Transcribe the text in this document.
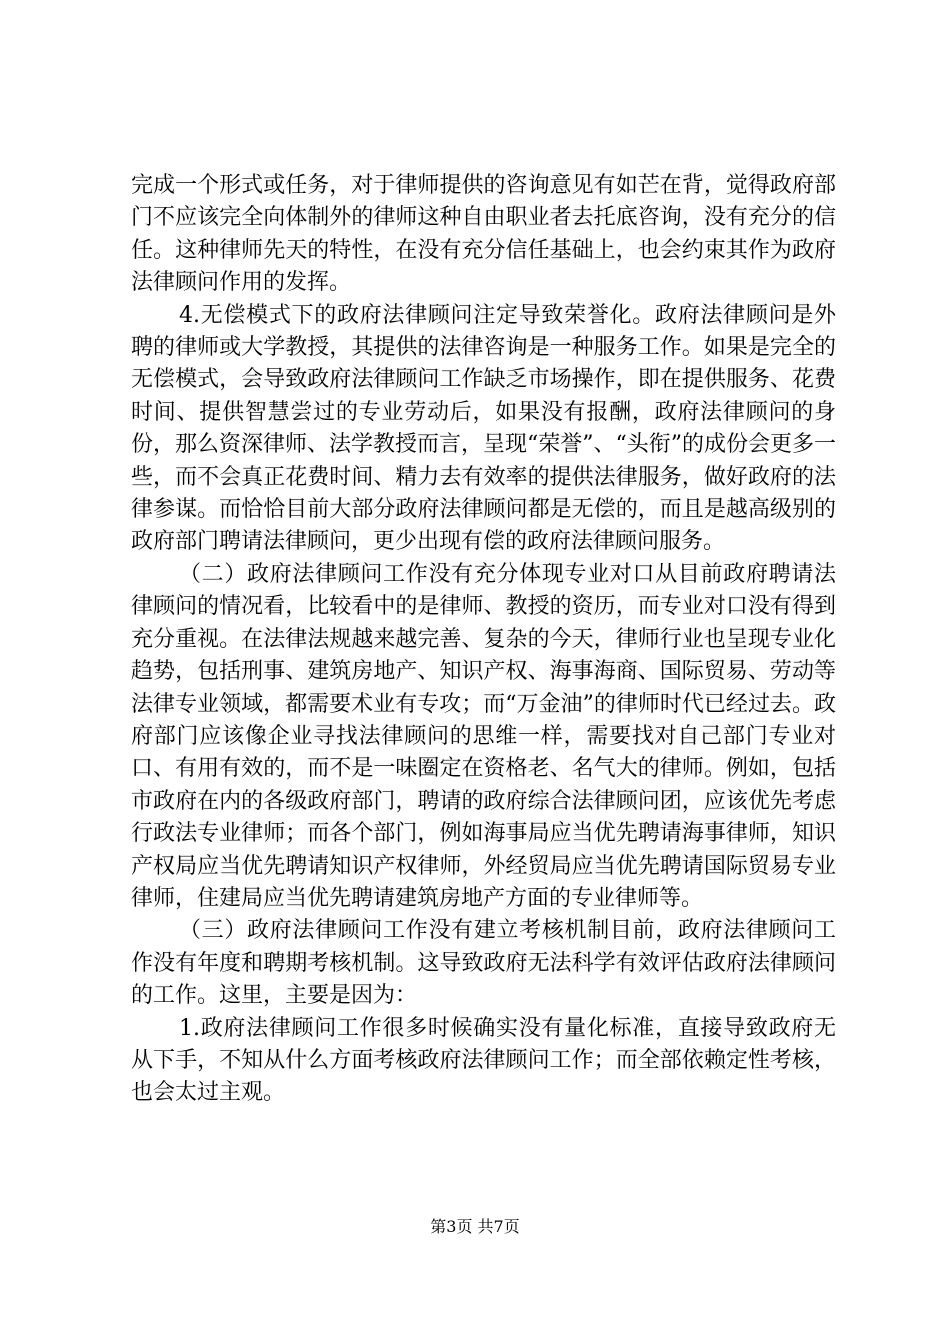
完成一个形式或任务，对于律师提供的咨询意见有如芒在背，觉得政府部门不应该完全向体制外的律师这种自由职业者去托底咨询，没有充分的信任。这种律师先天的特性，在没有充分信任基础上，也会约束其作为政府法律顾问作用的发挥。

4.无偿模式下的政府法律顾问注定导致荣誉化。政府法律顾问是外聘的律师或大学教授，其提供的法律咨询是一种服务工作。如果是完全的无偿模式，会导致政府法律顾问工作缺乏市场操作，即在提供服务、花费时间、提供智慧尝过的专业劳动后，如果没有报酬，政府法律顾问的身份，那么资深律师、法学教授而言，呈现“荣誉”、“头衔”的成份会更多一些，而不会真正花费时间、精力去有效率的提供法律服务，做好政府的法律参谋。而恰恰目前大部分政府法律顾问都是无偿的，而且是越高级别的政府部门聘请法律顾问，更少出现有偿的政府法律顾问服务。

（二）政府法律顾问工作没有充分体现专业对口从目前政府聘请法律顾问的情况看，比较看中的是律师、教授的资历，而专业对口没有得到充分重视。在法律法规越来越完善、复杂的今天，律师行业也呈现专业化趋势，包括刑事、建筑房地产、知识产权、海事海商、国际贸易、劳动等法律专业领域，都需要术业有专攻；而“万金油”的律师时代已经过去。政府部门应该像企业寻找法律顾问的思维一样，需要找对自己部门专业对口、有用有效的，而不是一味圈定在资格老、名气大的律师。例如，包括市政府在内的各级政府部门，聘请的政府综合法律顾问团，应该优先考虑行政法专业律师；而各个部门，例如海事局应当优先聘请海事律师，知识产权局应当优先聘请知识产权律师，外经贸局应当优先聘请国际贸易专业律师，住建局应当优先聘请建筑房地产方面的专业律师等。

（三）政府法律顾问工作没有建立考核机制目前，政府法律顾问工作没有年度和聘期考核机制。这导致政府无法科学有效评估政府法律顾问的工作。这里，主要是因为：

1.政府法律顾问工作很多时候确实没有量化标准，直接导致政府无从下手，不知从什么方面考核政府法律顾问工作；而全部依赖定性考核，也会太过主观。

第3页 共7页
